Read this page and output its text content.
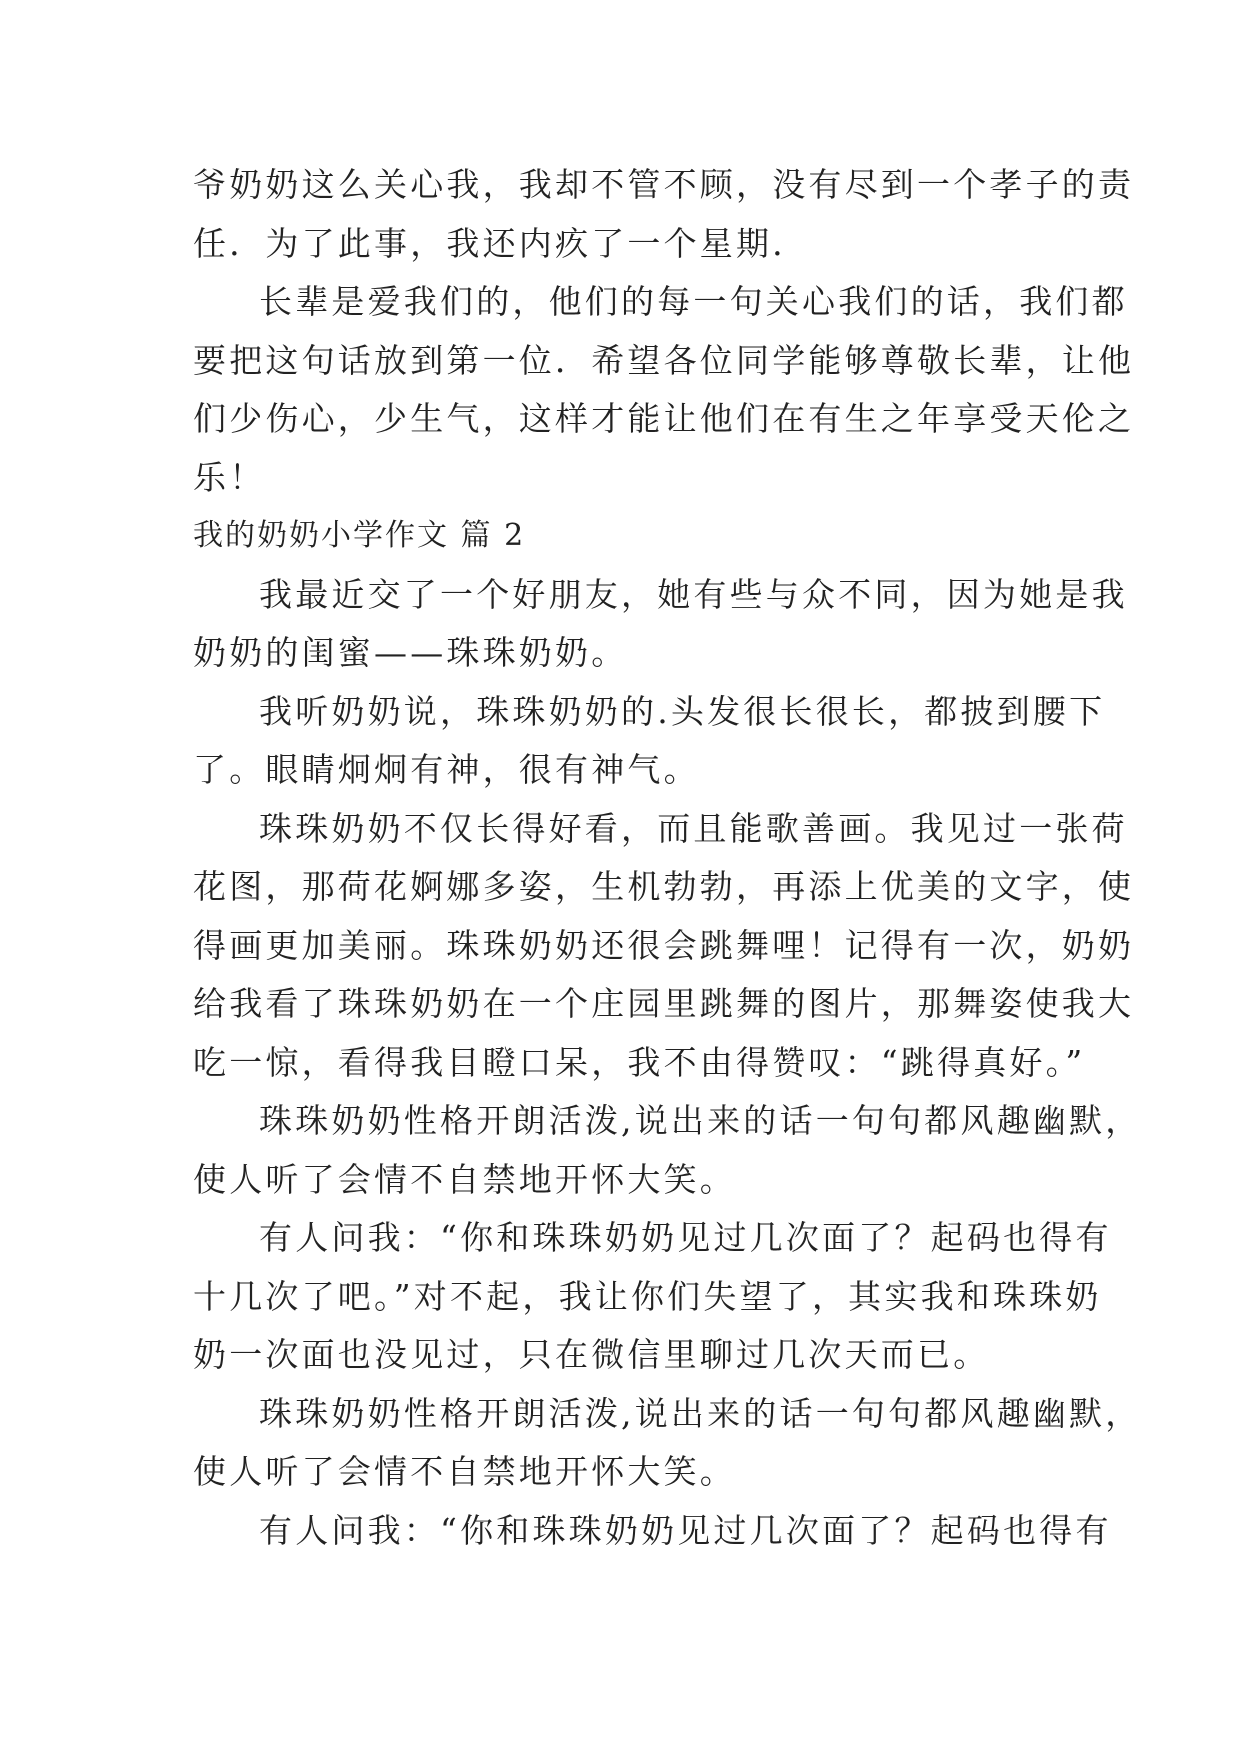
爷奶奶这么关心我，我却不管不顾，没有尽到一个孝子的责
任．为了此事，我还内疚了一个星期．
长辈是爱我们的，他们的每一句关心我们的话，我们都
要把这句话放到第一位．希望各位同学能够尊敬长辈，让他
们少伤心，少生气，这样才能让他们在有生之年享受天伦之
乐！
我的奶奶小学作文 篇 2
我最近交了一个好朋友，她有些与众不同，因为她是我
奶奶的闺蜜——珠珠奶奶。
我听奶奶说，珠珠奶奶的.头发很长很长，都披到腰下
了。眼睛炯炯有神，很有神气。
珠珠奶奶不仅长得好看，而且能歌善画。我见过一张荷
花图，那荷花婀娜多姿，生机勃勃，再添上优美的文字，使
得画更加美丽。珠珠奶奶还很会跳舞哩！记得有一次，奶奶
给我看了珠珠奶奶在一个庄园里跳舞的图片，那舞姿使我大
吃一惊，看得我目瞪口呆，我不由得赞叹：“跳得真好。”
珠珠奶奶性格开朗活泼,说出来的话一句句都风趣幽默，
使人听了会情不自禁地开怀大笑。
有人问我：“你和珠珠奶奶见过几次面了？起码也得有
十几次了吧。”对不起，我让你们失望了，其实我和珠珠奶
奶一次面也没见过，只在微信里聊过几次天而已。
珠珠奶奶性格开朗活泼,说出来的话一句句都风趣幽默，
使人听了会情不自禁地开怀大笑。
有人问我：“你和珠珠奶奶见过几次面了？起码也得有
